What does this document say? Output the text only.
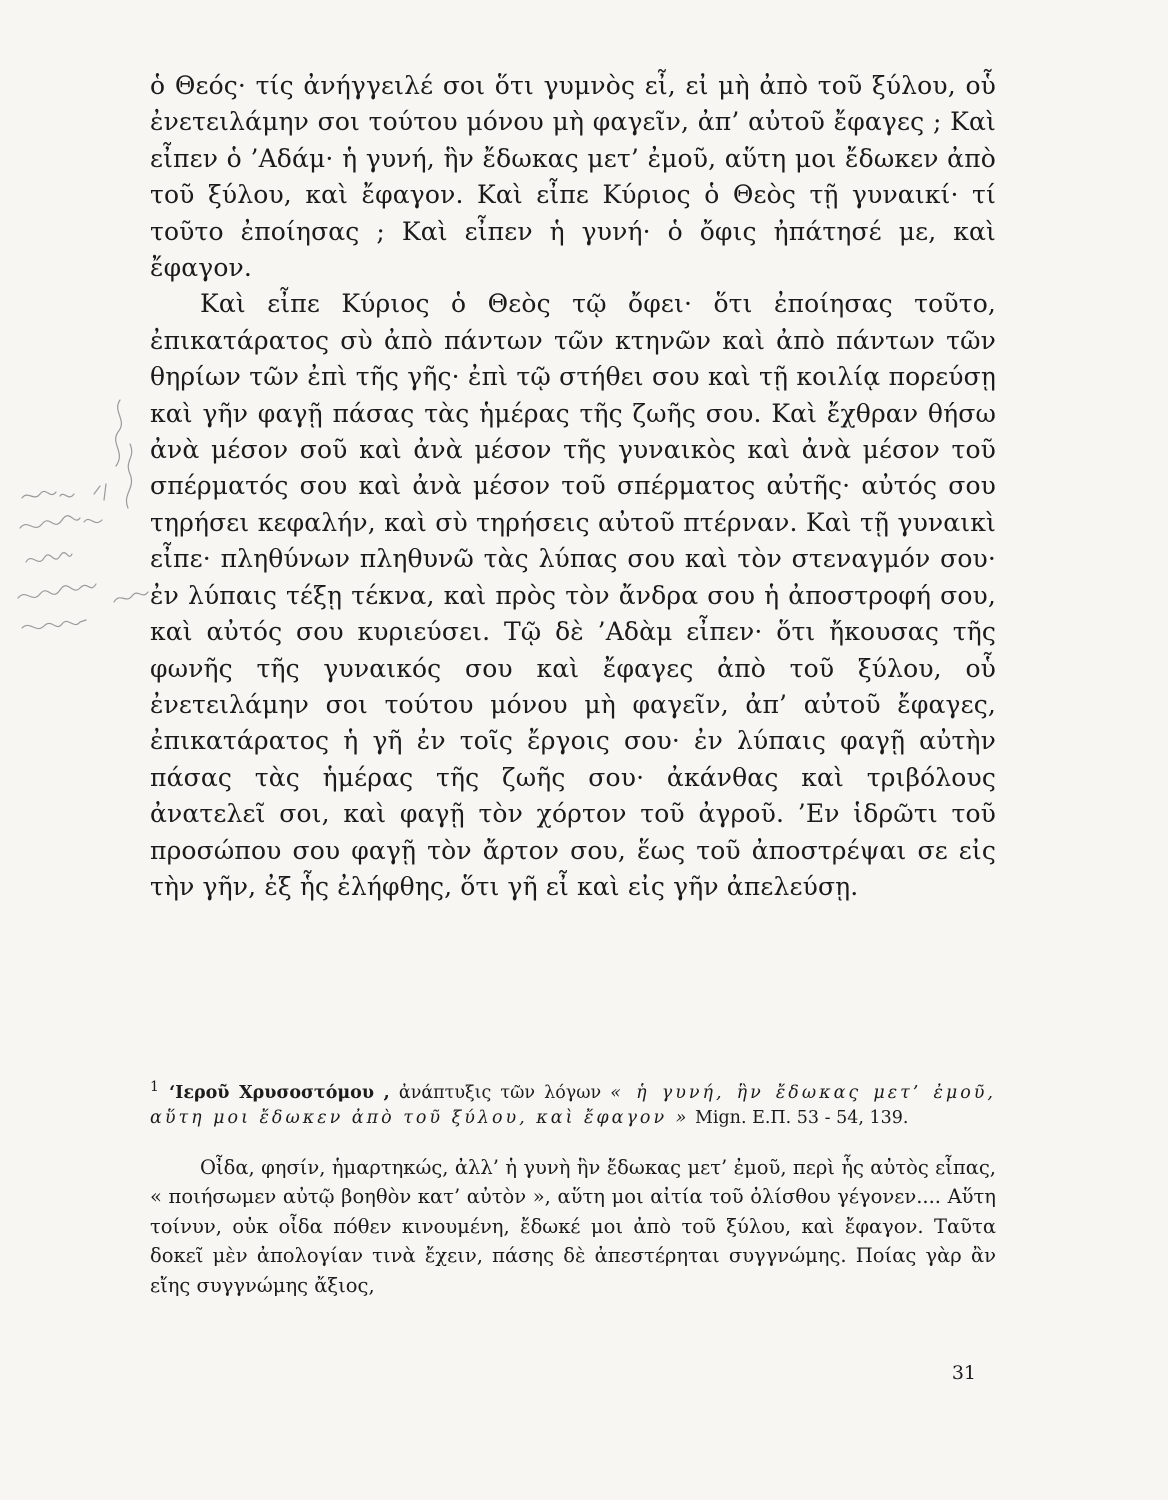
ὁ Θεός· τίς ἀνήγγειλέ σοι ὅτι γυμνὸς εἶ, εἰ μὴ ἀπὸ τοῦ ξύλου, οὗ ἐνετειλάμην σοι τούτου μόνου μὴ φαγεῖν, ἀπ’ αὐτοῦ ἔφαγες ; Καὶ εἶπεν ὁ ’Αδάμ· ἡ γυνή, ἣν ἔδωκας μετ’ ἐμοῦ, αὕτη μοι ἔδωκεν ἀπὸ τοῦ ξύλου, καὶ ἔφαγον. Καὶ εἶπε Κύριος ὁ Θεὸς τῇ γυναικί· τί τοῦτο ἐποίησας ; Καὶ εἶπεν ἡ γυνή· ὁ ὄφις ἠπάτησέ με, καὶ ἔφαγον.

Καὶ εἶπε Κύριος ὁ Θεὸς τῷ ὄφει· ὅτι ἐποίησας τοῦτο, ἐπικατάρατος σὺ ἀπὸ πάντων τῶν κτηνῶν καὶ ἀπὸ πάντων τῶν θηρίων τῶν ἐπὶ τῆς γῆς· ἐπὶ τῷ στήθει σου καὶ τῇ κοιλίᾳ πορεύσῃ καὶ γῆν φαγῇ πάσας τὰς ἡμέρας τῆς ζωῆς σου. Καὶ ἔχθραν θήσω ἀνὰ μέσον σοῦ καὶ ἀνὰ μέσον τῆς γυναικὸς καὶ ἀνὰ μέσον τοῦ σπέρματός σου καὶ ἀνὰ μέσον τοῦ σπέρματος αὐτῆς· αὐτός σου τηρήσει κεφαλήν, καὶ σὺ τηρήσεις αὐτοῦ πτέρναν. Καὶ τῇ γυναικὶ εἶπε· πληθύνων πληθυνῶ τὰς λύπας σου καὶ τὸν στεναγμόν σου· ἐν λύπαις τέξῃ τέκνα, καὶ πρὸς τὸν ἄνδρα σου ἡ ἀποστροφή σου, καὶ αὐτός σου κυριεύσει. Τῷ δὲ ’Αδὰμ εἶπεν· ὅτι ἤκουσας τῆς φωνῆς τῆς γυναικός σου καὶ ἔφαγες ἀπὸ τοῦ ξύλου, οὗ ἐνετειλάμην σοι τούτου μόνου μὴ φαγεῖν, ἀπ’ αὐτοῦ ἔφαγες, ἐπικατάρατος ἡ γῆ ἐν τοῖς ἔργοις σου· ἐν λύπαις φαγῇ αὐτὴν πάσας τὰς ἡμέρας τῆς ζωῆς σου· ἀκάνθας καὶ τριβόλους ἀνατελεῖ σοι, καὶ φαγῇ τὸν χόρτον τοῦ ἀγροῦ. ’Εν ἱδρῶτι τοῦ προσώπου σου φαγῇ τὸν ἄρτον σου, ἕως τοῦ ἀποστρέψαι σε εἰς τὴν γῆν, ἐξ ἧς ἐλήφθης, ὅτι γῆ εἶ καὶ εἰς γῆν ἀπελεύσῃ.

$^1$ ‘Ιεροῦ Χρυσοστόμου , ἀνάπτυξις τῶν λόγων « ἡ γυνή, ἣν ἔδωκας μετ’ ἐμοῦ, αὕτη μοι ἔδωκεν ἀπὸ τοῦ ξύλου, καὶ ἔφαγον » Mign. Ε.Π. 53 - 54, 139.

Οἶδα, φησίν, ἡμαρτηκώς, ἀλλ’ ἡ γυνὴ ἣν ἔδωκας μετ’ ἐμοῦ, περὶ ἧς αὐτὸς εἶπας, « ποιήσωμεν αὐτῷ βοηθὸν κατ’ αὐτὸν », αὕτη μοι αἰτία τοῦ ὀλίσθου γέγονεν.... Αὕτη τοίνυν, οὐκ οἶδα πόθεν κινουμένη, ἔδωκέ μοι ἀπὸ τοῦ ξύλου, καὶ ἔφαγον. Ταῦτα δοκεῖ μὲν ἀπολογίαν τινὰ ἔχειν, πάσης δὲ ἀπεστέρηται συγγνώμης. Ποίας γὰρ ἂν εἴης συγγνώμης ἄξιος,

31
